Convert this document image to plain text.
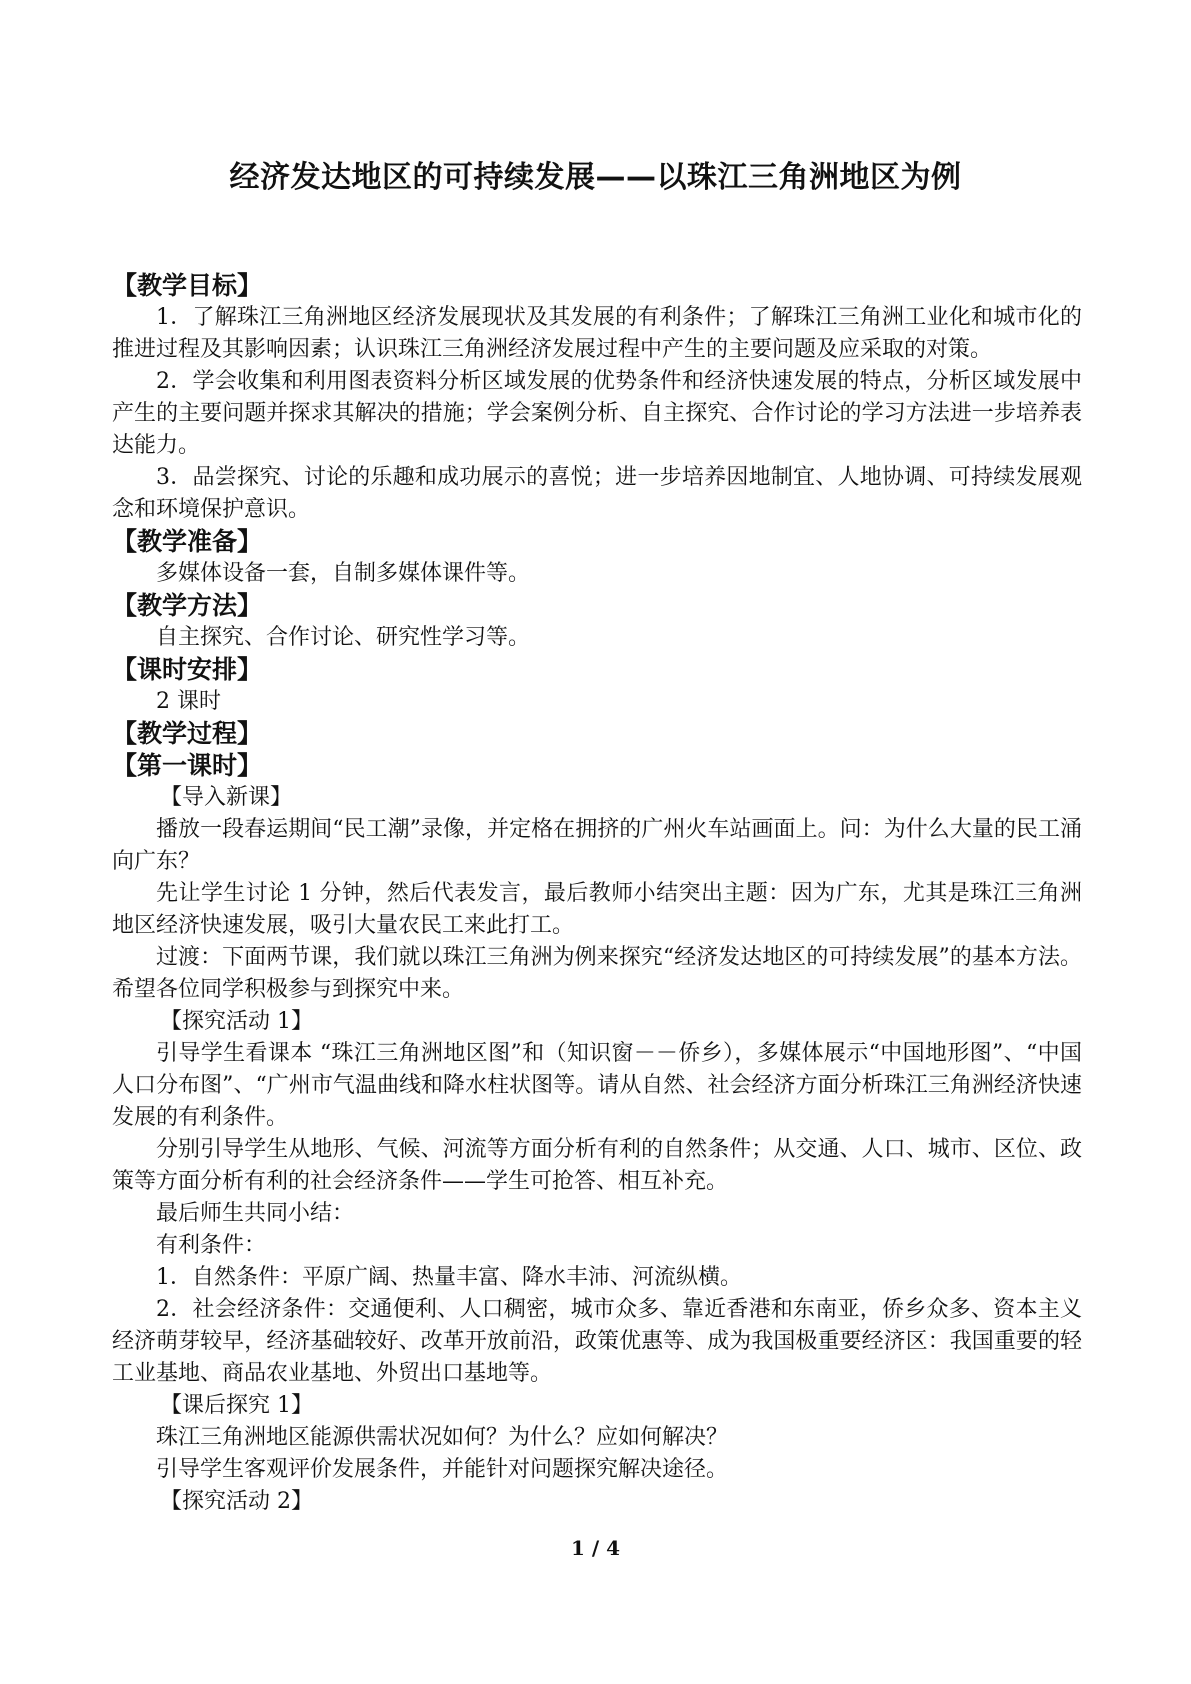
经济发达地区的可持续发展——以珠江三角洲地区为例
【教学目标】
1．了解珠江三角洲地区经济发展现状及其发展的有利条件；了解珠江三角洲工业化和城市化的推进过程及其影响因素；认识珠江三角洲经济发展过程中产生的主要问题及应采取的对策。
2．学会收集和利用图表资料分析区域发展的优势条件和经济快速发展的特点，分析区域发展中产生的主要问题并探求其解决的措施；学会案例分析、自主探究、合作讨论的学习方法进一步培养表达能力。
3．品尝探究、讨论的乐趣和成功展示的喜悦；进一步培养因地制宜、人地协调、可持续发展观念和环境保护意识。
【教学准备】
多媒体设备一套，自制多媒体课件等。
【教学方法】
自主探究、合作讨论、研究性学习等。
【课时安排】
2 课时
【教学过程】
【第一课时】
【导入新课】
播放一段春运期间“民工潮”录像，并定格在拥挤的广州火车站画面上。问：为什么大量的民工涌向广东？
先让学生讨论 1 分钟，然后代表发言，最后教师小结突出主题：因为广东，尤其是珠江三角洲地区经济快速发展，吸引大量农民工来此打工。
过渡：下面两节课，我们就以珠江三角洲为例来探究“经济发达地区的可持续发展”的基本方法。希望各位同学积极参与到探究中来。
【探究活动 1】
引导学生看课本 “珠江三角洲地区图”和（知识窗－－侨乡），多媒体展示“中国地形图”、“中国人口分布图”、“广州市气温曲线和降水柱状图等。请从自然、社会经济方面分析珠江三角洲经济快速发展的有利条件。
分别引导学生从地形、气候、河流等方面分析有利的自然条件；从交通、人口、城市、区位、政策等方面分析有利的社会经济条件——学生可抢答、相互补充。
最后师生共同小结：
有利条件：
1．自然条件：平原广阔、热量丰富、降水丰沛、河流纵横。
2．社会经济条件：交通便利、人口稠密，城市众多、靠近香港和东南亚，侨乡众多、资本主义经济萌芽较早，经济基础较好、改革开放前沿，政策优惠等、成为我国极重要经济区：我国重要的轻工业基地、商品农业基地、外贸出口基地等。
【课后探究 1】
珠江三角洲地区能源供需状况如何？为什么？应如何解决？
引导学生客观评价发展条件，并能针对问题探究解决途径。
【探究活动 2】
1 / 4
